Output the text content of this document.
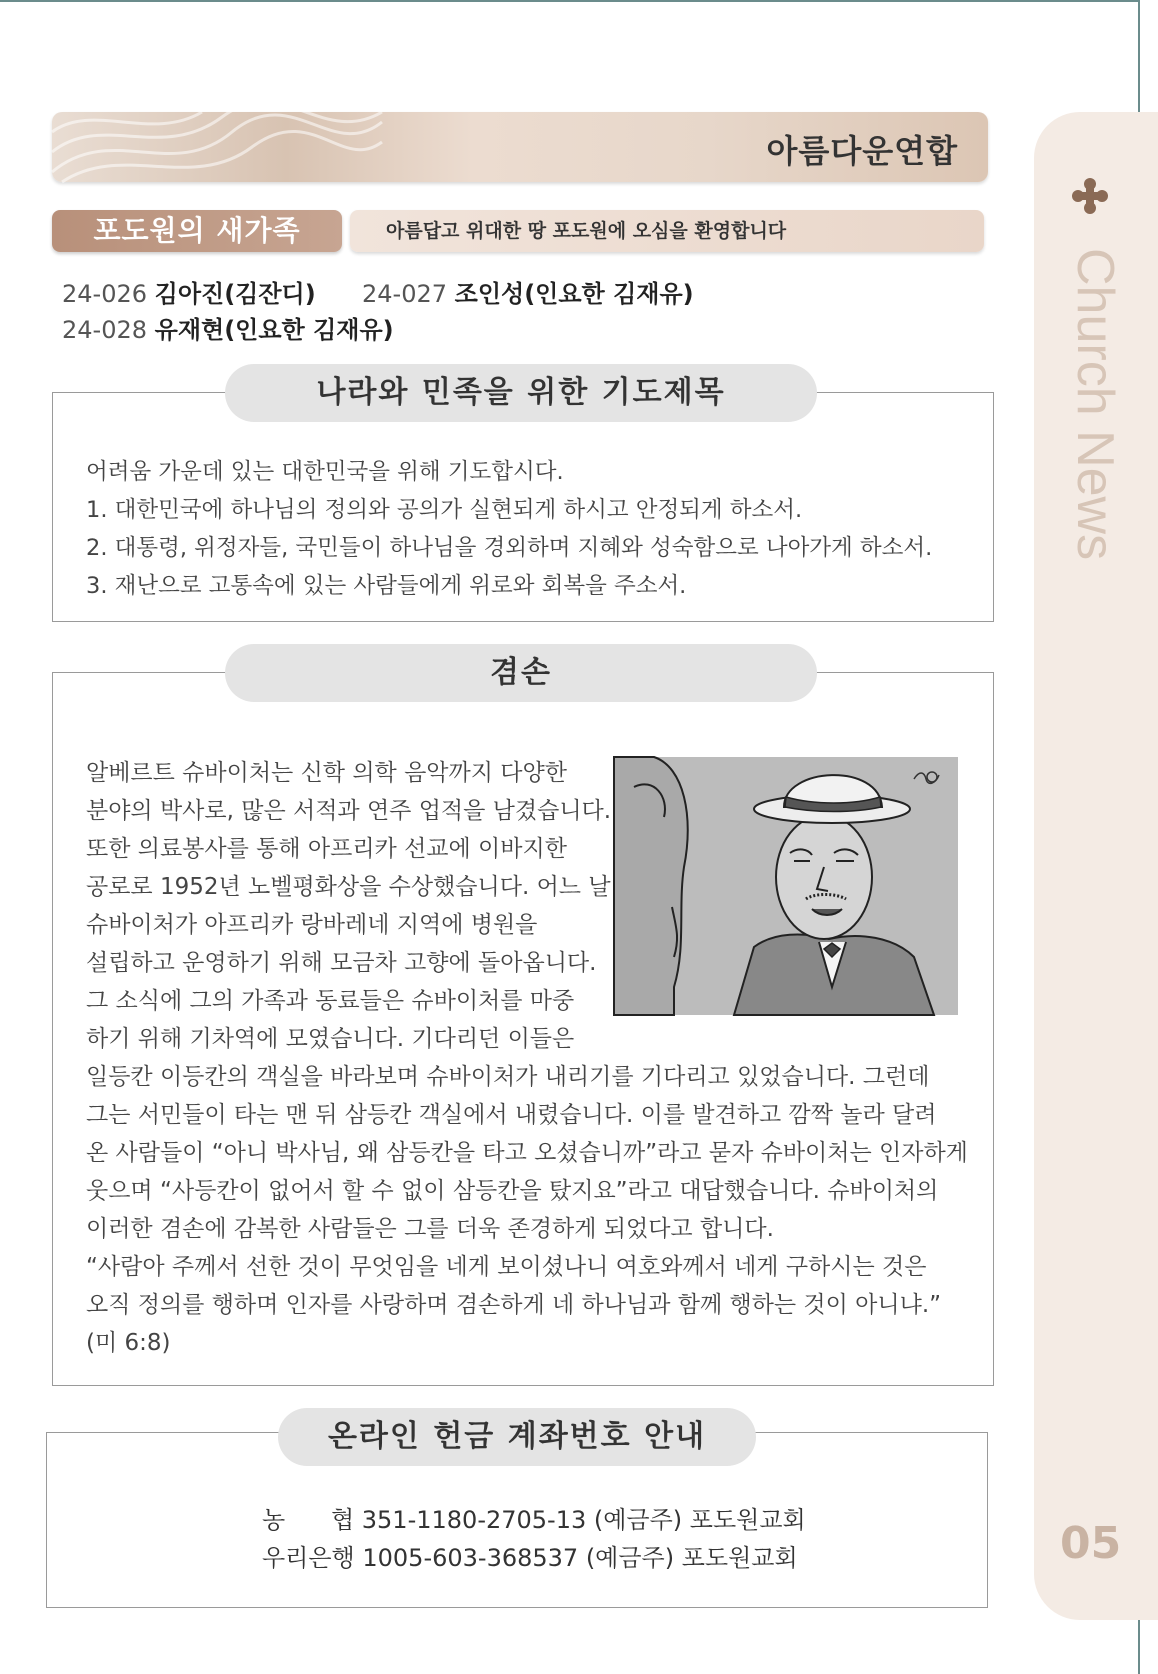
Church News
05
아름다운연합
포도원의 새가족	아름답고 위대한 땅 포도원에 오심을 환영합니다
24-026 김아진(김잔디) 24-027 조인성(인요한 김재유)
24-028 유재현(인요한 김재유)
나라와 민족을 위한 기도제목
어려움 가운데 있는 대한민국을 위해 기도합시다.
1. 대한민국에 하나님의 정의와 공의가 실현되게 하시고 안정되게 하소서.
2. 대통령, 위정자들, 국민들이 하나님을 경외하며 지혜와 성숙함으로 나아가게 하소서.
3. 재난으로 고통속에 있는 사람들에게 위로와 회복을 주소서.
겸손
알베르트 슈바이처는 신학 의학 음악까지 다양한
분야의 박사로, 많은 서적과 연주 업적을 남겼습니다.
또한 의료봉사를 통해 아프리카 선교에 이바지한
공로로 1952년 노벨평화상을 수상했습니다. 어느 날
슈바이처가 아프리카 랑바레네 지역에 병원을
설립하고 운영하기 위해 모금차 고향에 돌아옵니다.
그 소식에 그의 가족과 동료들은 슈바이처를 마중
하기 위해 기차역에 모였습니다. 기다리던 이들은
일등칸 이등칸의 객실을 바라보며 슈바이처가 내리기를 기다리고 있었습니다. 그런데
그는 서민들이 타는 맨 뒤 삼등칸 객실에서 내렸습니다. 이를 발견하고 깜짝 놀라 달려
온 사람들이 “아니 박사님, 왜 삼등칸을 타고 오셨습니까”라고 묻자 슈바이처는 인자하게
웃으며 “사등칸이 없어서 할 수 없이 삼등칸을 탔지요”라고 대답했습니다. 슈바이처의
이러한 겸손에 감복한 사람들은 그를 더욱 존경하게 되었다고 합니다.
“사람아 주께서 선한 것이 무엇임을 네게 보이셨나니 여호와께서 네게 구하시는 것은
오직 정의를 행하며 인자를 사랑하며 겸손하게 네 하나님과 함께 행하는 것이 아니냐.”
(미 6:8)
온라인 헌금 계좌번호 안내
농      협 351-1180-2705-13 (예금주) 포도원교회
우리은행 1005-603-368537 (예금주) 포도원교회
